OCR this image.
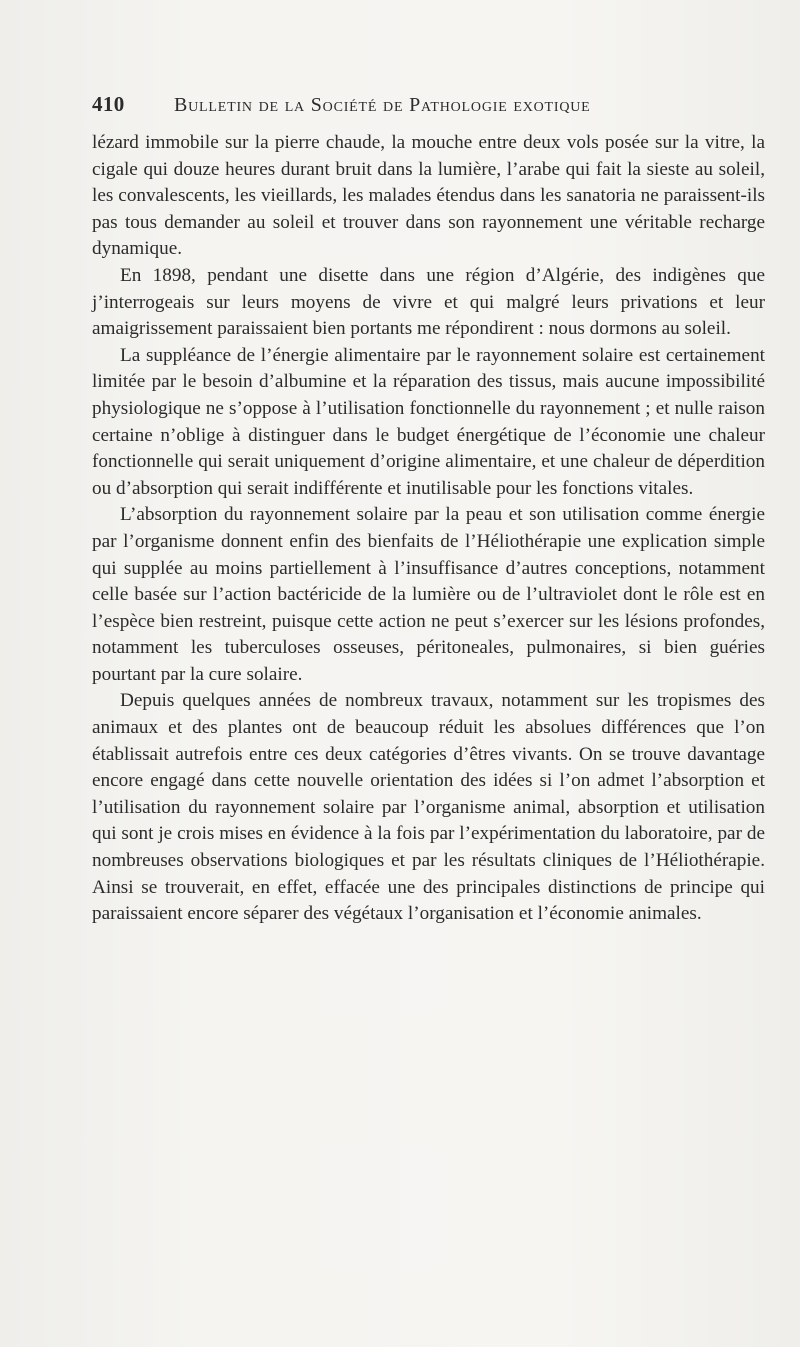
410	Bulletin de la Société de Pathologie exotique

lézard immobile sur la pierre chaude, la mouche entre deux vols posée sur la vitre, la cigale qui douze heures durant bruit dans la lumière, l’arabe qui fait la sieste au soleil, les convalescents, les vieillards, les malades étendus dans les sanatoria ne paraissent-ils pas tous demander au soleil et trouver dans son rayonnement une véritable recharge dynamique.

En 1898, pendant une disette dans une région d’Algérie, des indigènes que j’interrogeais sur leurs moyens de vivre et qui malgré leurs privations et leur amaigrissement paraissaient bien portants me répondirent : nous dormons au soleil.

La suppléance de l’énergie alimentaire par le rayonnement solaire est certainement limitée par le besoin d’albumine et la réparation des tissus, mais aucune impossibilité physiologique ne s’oppose à l’utilisation fonctionnelle du rayonnement ; et nulle raison certaine n’oblige à distinguer dans le budget énergétique de l’économie une chaleur fonctionnelle qui serait uniquement d’origine alimentaire, et une chaleur de déperdition ou d’absorption qui serait indifférente et inutilisable pour les fonctions vitales.

L’absorption du rayonnement solaire par la peau et son utilisation comme énergie par l’organisme donnent enfin des bienfaits de l’Héliothérapie une explication simple qui supplée au moins partiellement à l’insuffisance d’autres conceptions, notamment celle basée sur l’action bactéricide de la lumière ou de l’ultraviolet dont le rôle est en l’espèce bien restreint, puisque cette action ne peut s’exercer sur les lésions profondes, notamment les tuberculoses osseuses, péritoneales, pulmonaires, si bien guéries pourtant par la cure solaire.

Depuis quelques années de nombreux travaux, notamment sur les tropismes des animaux et des plantes ont de beaucoup réduit les absolues différences que l’on établissait autrefois entre ces deux catégories d’êtres vivants. On se trouve davantage encore engagé dans cette nouvelle orientation des idées si l’on admet l’absorption et l’utilisation du rayonnement solaire par l’organisme animal, absorption et utilisation qui sont je crois mises en évidence à la fois par l’expérimentation du laboratoire, par de nombreuses observations biologiques et par les résultats cliniques de l’Héliothérapie. Ainsi se trouverait, en effet, effacée une des principales distinctions de principe qui paraissaient encore séparer des végétaux l’organisation et l’économie animales.
